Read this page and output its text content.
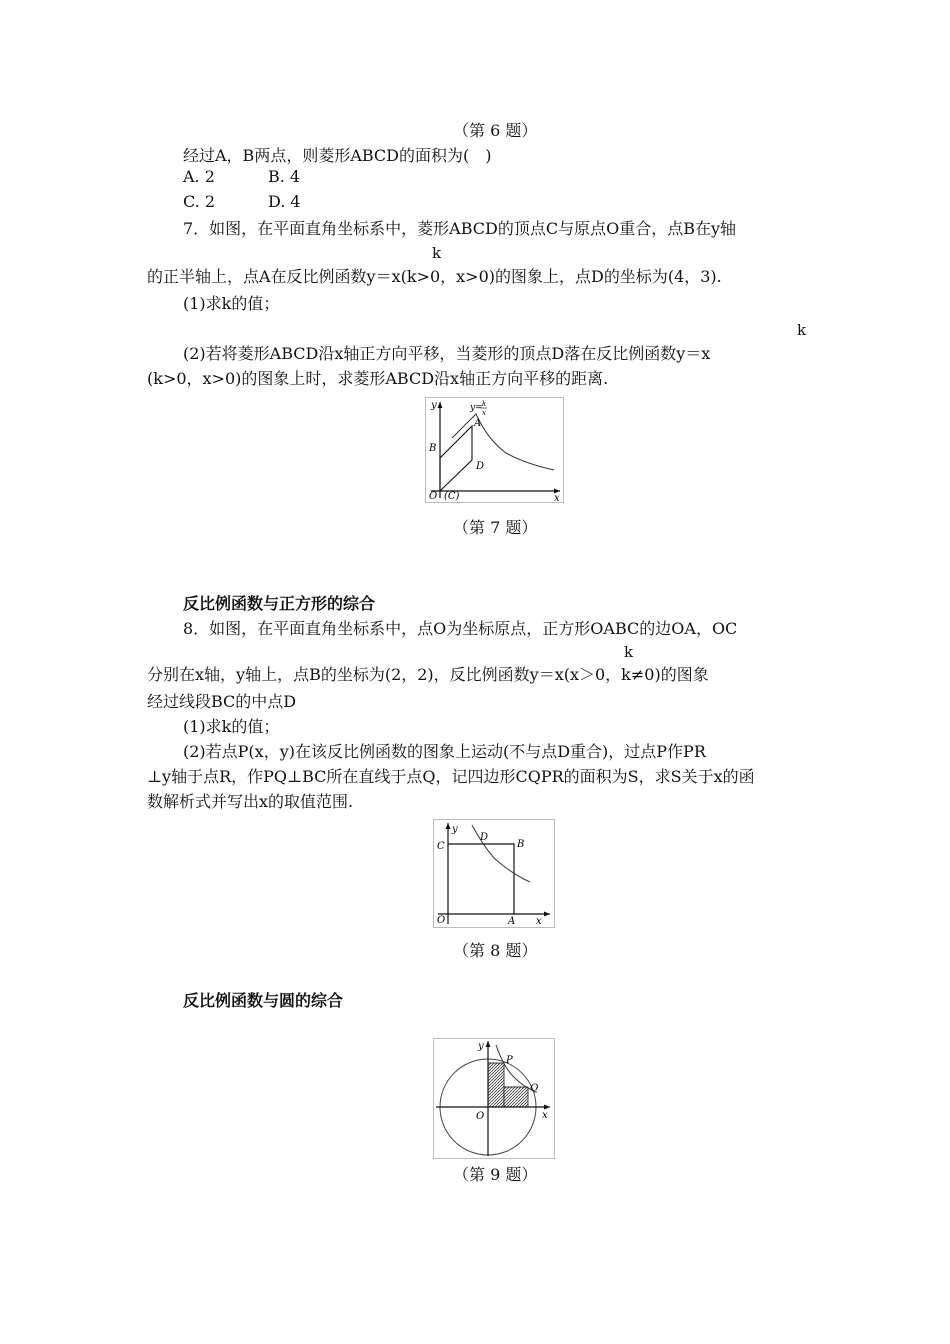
（第 6 题）
经过A，B两点，则菱形ABCD的面积为(　)
A. 2	B. 4
C. 2	D. 4
7．如图，在平面直角坐标系中，菱形ABCD的顶点C与原点O重合，点B在y轴
k
的正半轴上，点A在反比例函数y＝x(k>0，x>0)的图象上，点D的坐标为(4，3).
(1)求k的值；
k
(2)若将菱形ABCD沿x轴正方向平移，当菱形的顶点D落在反比例函数y＝x
(k>0，x>0)的图象上时，求菱形ABCD沿x轴正方向平移的距离.
y
x
y= k
x
A
B
D
O (C)
（第 7 题）
反比例函数与正方形的综合
8．如图，在平面直角坐标系中，点O为坐标原点，正方形OABC的边OA，OC
k
分别在x轴，y轴上，点B的坐标为(2，2)，反比例函数y＝x(x＞0，k≠0)的图象
经过线段BC的中点D
(1)求k的值；
(2)若点P(x，y)在该反比例函数的图象上运动(不与点D重合)，过点P作PR
⊥y轴于点R，作PQ⊥BC所在直线于点Q，记四边形CQPR的面积为S，求S关于x的函
数解析式并写出x的取值范围.
y
x
C
D
B
O	A
（第 8 题）
反比例函数与圆的综合
y
x
P
Q
O
（第 9 题）
